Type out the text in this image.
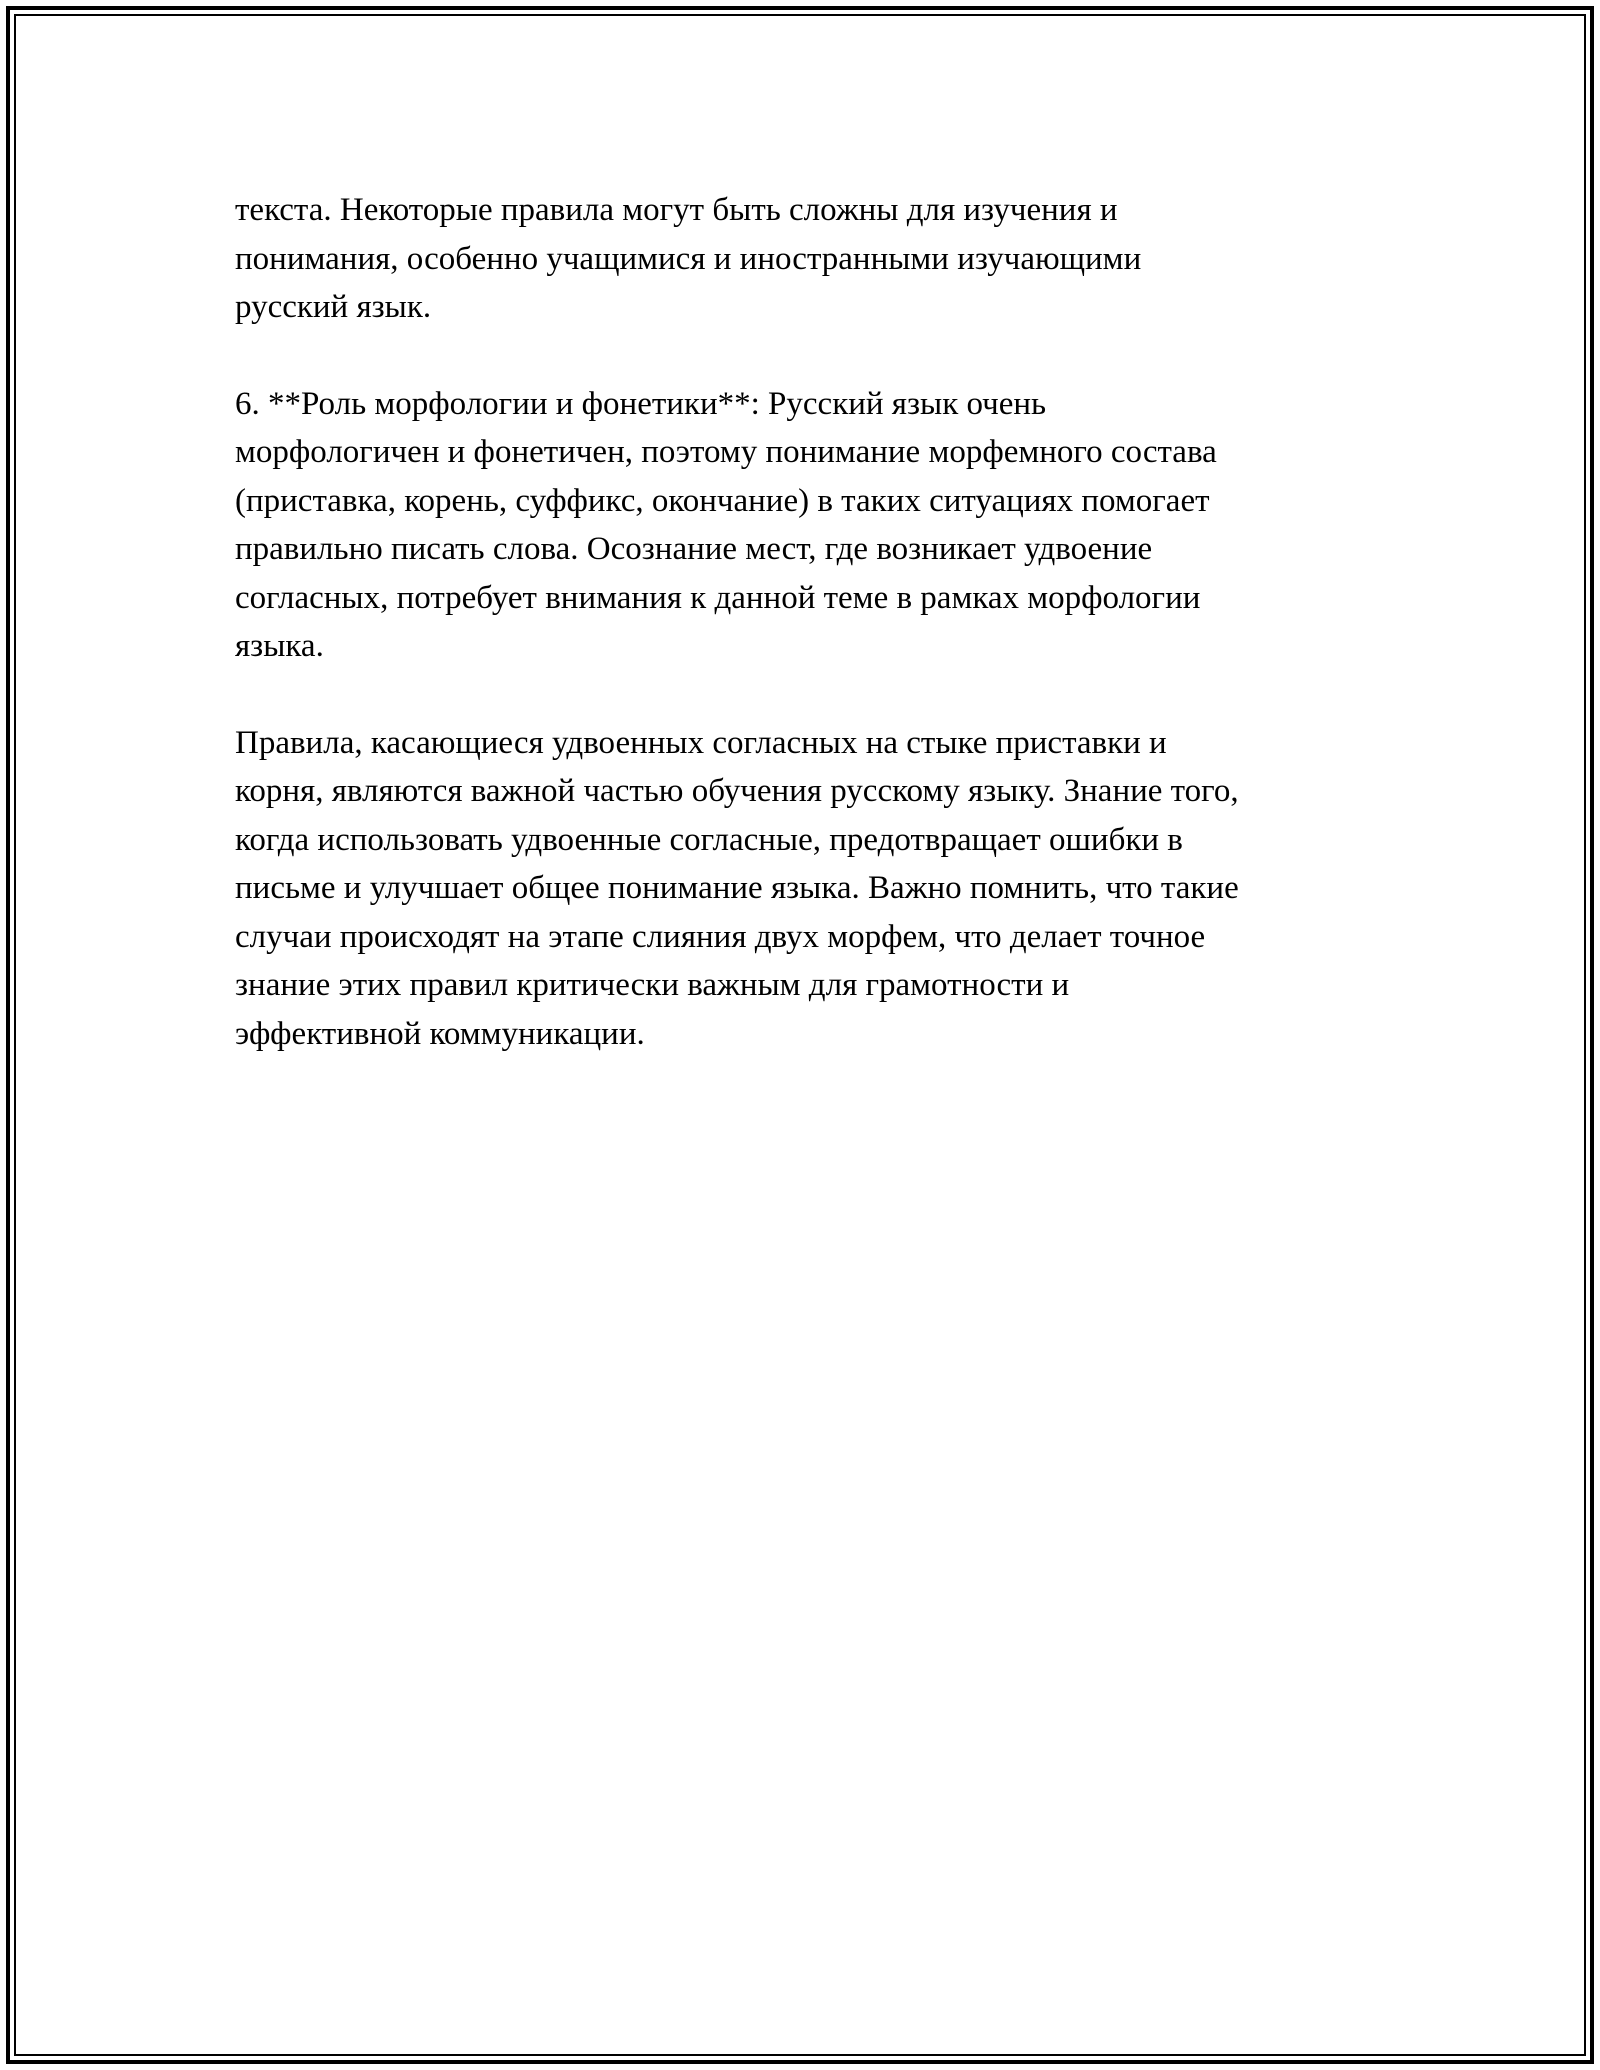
текста. Некоторые правила могут быть сложны для изучения и
понимания, особенно учащимися и иностранными изучающими
русский язык.

6. **Роль морфологии и фонетики**: Русский язык очень
морфологичен и фонетичен, поэтому понимание морфемного состава
(приставка, корень, суффикс, окончание) в таких ситуациях помогает
правильно писать слова. Осознание мест, где возникает удвоение
согласных, потребует внимания к данной теме в рамках морфологии
языка.

Правила, касающиеся удвоенных согласных на стыке приставки и
корня, являются важной частью обучения русскому языку. Знание того,
когда использовать удвоенные согласные, предотвращает ошибки в
письме и улучшает общее понимание языка. Важно помнить, что такие
случаи происходят на этапе слияния двух морфем, что делает точное
знание этих правил критически важным для грамотности и
эффективной коммуникации.
